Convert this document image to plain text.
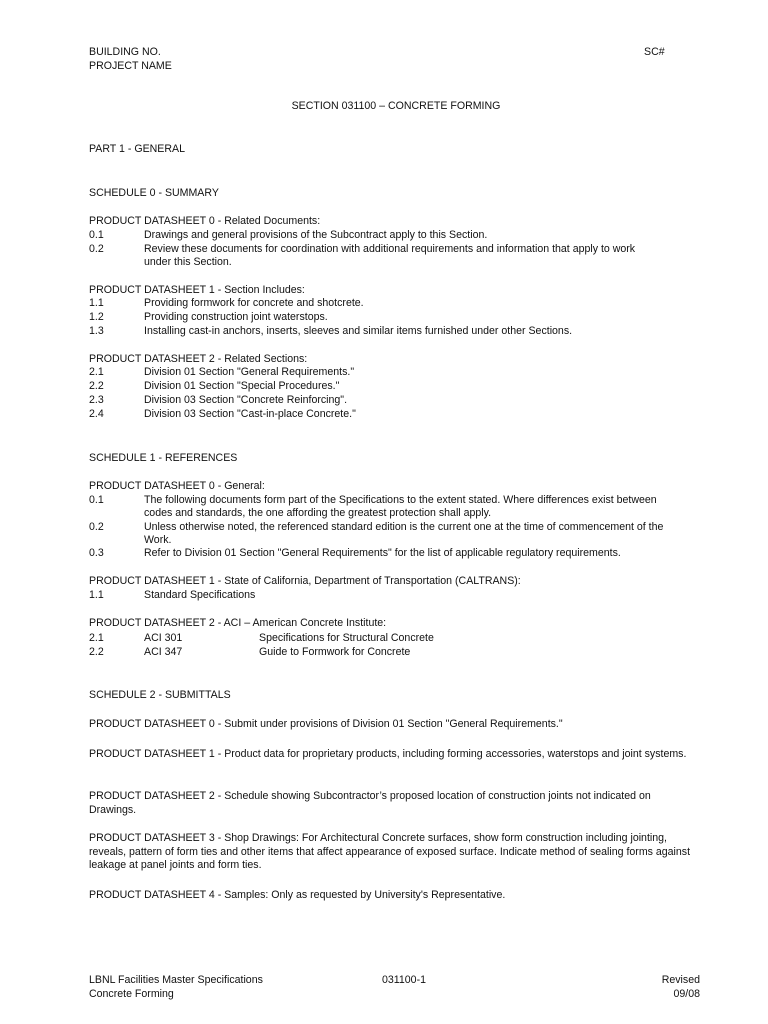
BUILDING NO.
PROJECT NAME
SC#
SECTION 031100 – CONCRETE FORMING
PART 1 - GENERAL
SCHEDULE 0 - SUMMARY
PRODUCT DATASHEET 0 - Related Documents:
0.1	Drawings and general provisions of the Subcontract apply to this Section.
0.2	Review these documents for coordination with additional requirements and information that apply to work
under this Section.
PRODUCT DATASHEET 1 - Section Includes:
1.1	Providing formwork for concrete and shotcrete.
1.2	Providing construction joint waterstops.
1.3	Installing cast-in anchors, inserts, sleeves and similar items furnished under other Sections.
PRODUCT DATASHEET 2 - Related Sections:
2.1	Division 01 Section "General Requirements."
2.2	Division 01 Section "Special Procedures."
2.3	Division 03 Section "Concrete Reinforcing".
2.4	Division 03 Section "Cast-in-place Concrete."
SCHEDULE 1 - REFERENCES
PRODUCT DATASHEET 0 - General:
0.1	The following documents form part of the Specifications to the extent stated. Where differences exist between
codes and standards, the one affording the greatest protection shall apply.
0.2	Unless otherwise noted, the referenced standard edition is the current one at the time of commencement of the
Work.
0.3	Refer to Division 01 Section "General Requirements" for the list of applicable regulatory requirements.
PRODUCT DATASHEET 1 - State of California, Department of Transportation (CALTRANS):
1.1	Standard Specifications
PRODUCT DATASHEET 2 - ACI – American Concrete Institute:
2.1	ACI 301	Specifications for Structural Concrete
2.2	ACI 347	Guide to Formwork for Concrete
SCHEDULE 2 - SUBMITTALS
PRODUCT DATASHEET 0 - Submit under provisions of Division 01 Section "General Requirements."
PRODUCT DATASHEET 1 - Product data for proprietary products, including forming accessories, waterstops and joint systems.
PRODUCT DATASHEET 2 - Schedule showing Subcontractor’s proposed location of construction joints not indicated on Drawings.
PRODUCT DATASHEET 3 - Shop Drawings: For Architectural Concrete surfaces, show form construction including jointing, reveals, pattern of form ties and other items that affect appearance of exposed surface. Indicate method of sealing forms against leakage at panel joints and form ties.
PRODUCT DATASHEET 4 - Samples: Only as requested by University's Representative.
LBNL Facilities Master Specifications
Concrete Forming
031100-1	Revised
09/08
